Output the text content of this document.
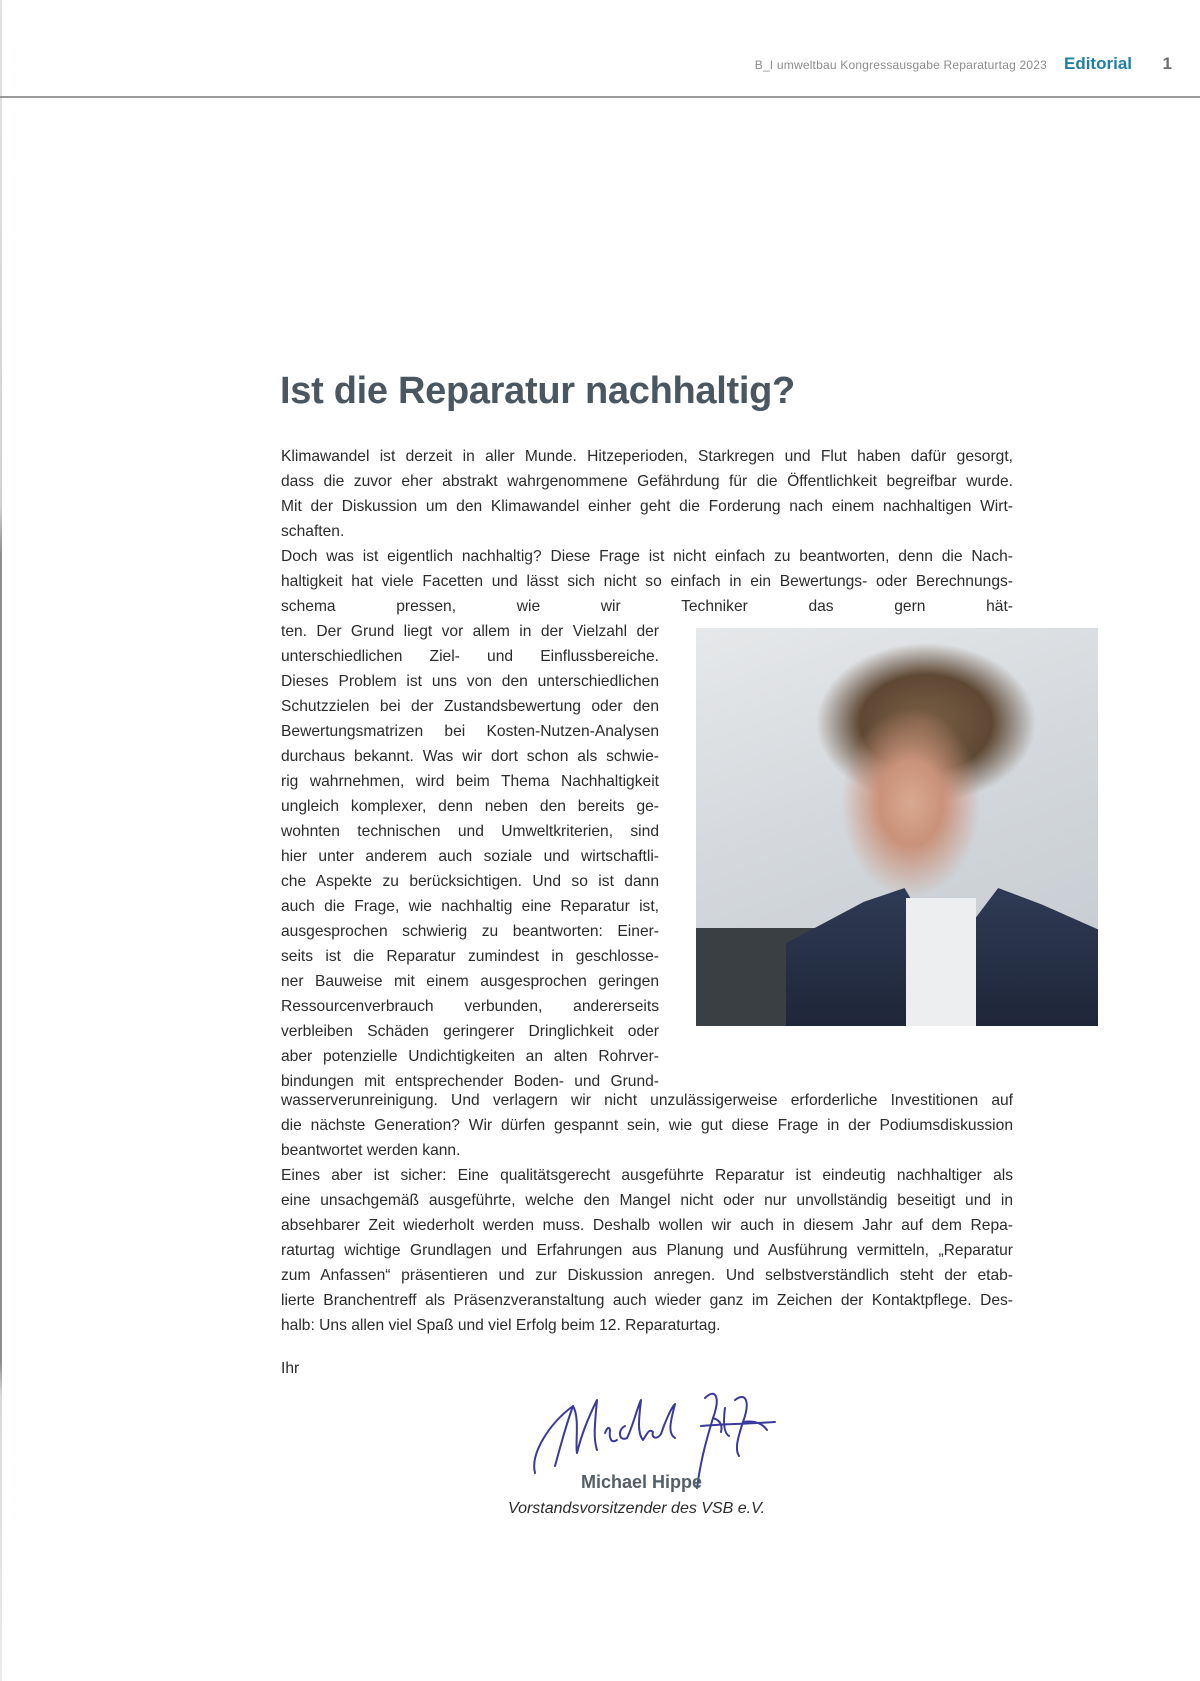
B_I umweltbau Kongressausgabe Reparaturtag 2023 Editorial 1
Ist die Reparatur nachhaltig?
Klimawandel ist derzeit in aller Munde. Hitzeperioden, Starkregen und Flut haben dafür gesorgt,
dass die zuvor eher abstrakt wahrgenommene Gefährdung für die Öffentlichkeit begreifbar wurde.
Mit der Diskussion um den Klimawandel einher geht die Forderung nach einem nachhaltigen Wirt-
schaften.
Doch was ist eigentlich nachhaltig? Diese Frage ist nicht einfach zu beantworten, denn die Nach-
haltigkeit hat viele Facetten und lässt sich nicht so einfach in ein Bewertungs- oder Berechnungs-
schema pressen, wie wir Techniker das gern hät-
ten. Der Grund liegt vor allem in der Vielzahl der
unterschiedlichen Ziel- und Einflussbereiche.
Dieses Problem ist uns von den unterschiedlichen
Schutzzielen bei der Zustandsbewertung oder den
Bewertungsmatrizen bei Kosten-Nutzen-Analysen
durchaus bekannt. Was wir dort schon als schwie-
rig wahrnehmen, wird beim Thema Nachhaltigkeit
ungleich komplexer, denn neben den bereits ge-
wohnten technischen und Umweltkriterien, sind
hier unter anderem auch soziale und wirtschaftli-
che Aspekte zu berücksichtigen. Und so ist dann
auch die Frage, wie nachhaltig eine Reparatur ist,
ausgesprochen schwierig zu beantworten: Einer-
seits ist die Reparatur zumindest in geschlosse-
ner Bauweise mit einem ausgesprochen geringen
Ressourcenverbrauch verbunden, andererseits
verbleiben Schäden geringerer Dringlichkeit oder
aber potenzielle Undichtigkeiten an alten Rohrver-
bindungen mit entsprechender Boden- und Grund-
wasserverunreinigung. Und verlagern wir nicht unzulässigerweise erforderliche Investitionen auf
die nächste Generation? Wir dürfen gespannt sein, wie gut diese Frage in der Podiumsdiskussion
beantwortet werden kann.
Eines aber ist sicher: Eine qualitätsgerecht ausgeführte Reparatur ist eindeutig nachhaltiger als
eine unsachgemäß ausgeführte, welche den Mangel nicht oder nur unvollständig beseitigt und in
absehbarer Zeit wiederholt werden muss. Deshalb wollen wir auch in diesem Jahr auf dem Repa-
raturtag wichtige Grundlagen und Erfahrungen aus Planung und Ausführung vermitteln, „Reparatur
zum Anfassen“ präsentieren und zur Diskussion anregen. Und selbstverständlich steht der etab-
lierte Branchentreff als Präsenzveranstaltung auch wieder ganz im Zeichen der Kontaktpflege. Des-
halb: Uns allen viel Spaß und viel Erfolg beim 12. Reparaturtag.
Ihr
Michael Hippe
Vorstandsvorsitzender des VSB e.V.
